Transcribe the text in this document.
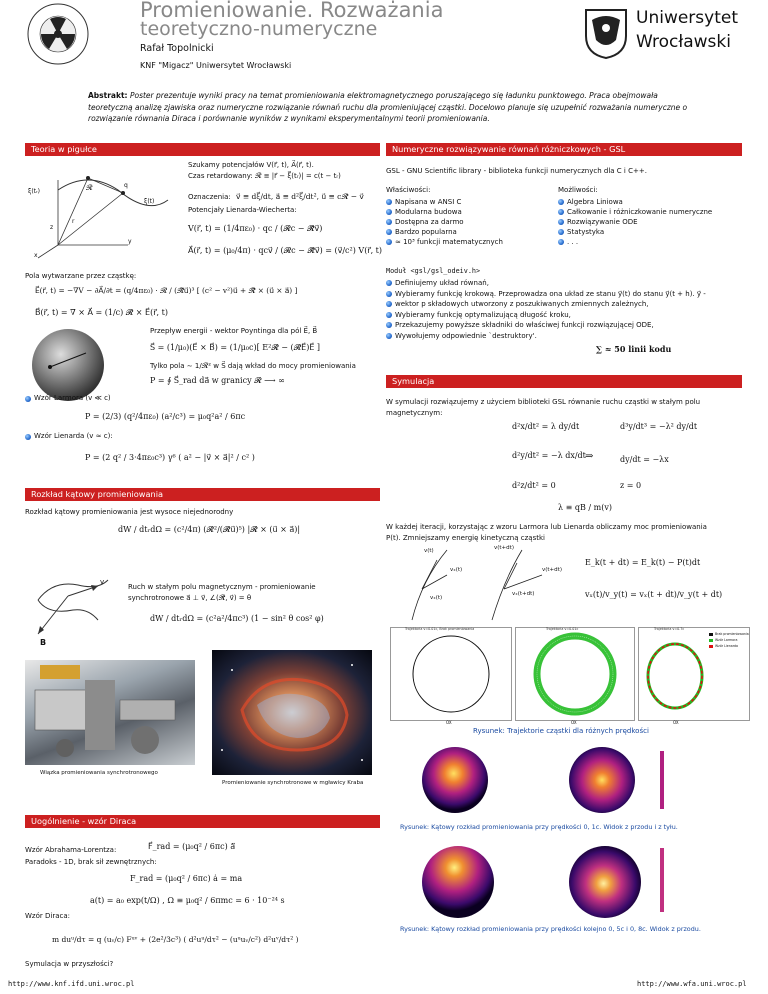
Promieniowanie. Rozważania
teoretyczno-numeryczne
Rafał Topolnicki
KNF "Migacz" Uniwersytet Wrocławski
Uniwersytet
Wrocławski
Abstrakt: Poster prezentuje wyniki pracy na temat promieniowania elektromagnetycznego poruszającego się ładunku punktowego. Praca obejmowała teoretyczną analizę zjawiska oraz numeryczne rozwiązanie równań ruchu dla promieniującej cząstki. Docelowo planuje się uzupełnić rozważania numeryczne o rozwiązanie równania Diraca i porównanie wyników z wynikami eksperymentalnymi teorii promieniowania.
Teoria w pigułce
ξ(tᵣ)	𝓡	q
ξ(t)
z
x
y
r
Szukamy potencjałów V(r⃗, t), A⃗(r⃗, t).
Czas retardowany: 𝓡 ≡ |r⃗ − ξ⃗(tᵣ)| = c(t − tᵣ)
Oznaczenia: v⃗ ≡ dξ⃗/dt, a⃗ ≡ d²ξ⃗/dt², u⃗ ≡ c𝓡̂ − v⃗
Potencjały Lienarda-Wiecherta:
V(r⃗, t) = (1/4πε₀) · qc / (𝓡c − 𝓡⃗v⃗)
A⃗(r⃗, t) = (μ₀/4π) · qcv⃗ / (𝓡c − 𝓡⃗v⃗) = (v⃗/c²) V(r⃗, t)
Pola wytwarzane przez cząstkę:
E⃗(r⃗, t) = −∇V − ∂A⃗/∂t = (q/4πε₀) · 𝓡 / (𝓡⃗u⃗)³ [ (c² − v²)u⃗ + 𝓡⃗ × (u⃗ × a⃗) ]
B⃗(r⃗, t) = ∇ × A⃗ = (1/c) 𝓡̂ × E⃗(r⃗, t)
Przepływ energii - wektor Poyntinga dla pól E⃗, B⃗
S⃗ = (1/μ₀)(E⃗ × B⃗) = (1/μ₀c)[ E²𝓡̂ − (𝓡̂E⃗)E⃗ ]
Tylko pola ∼ 1/𝓡² w S⃗ dają wkład do mocy promieniowania
P = ∮ S⃗_rad da⃗ w granicy 𝓡 ⟶ ∞
Wzór Larmora (v ≪ c)
P = (2/3) (q²/4πε₀) (a²/c³) = μ₀q²a² / 6πc
Wzór Lienarda (v ≈ c):
P = (2 q² / 3·4πε₀c³) γ⁶ ( a² − |v⃗ × a⃗|² / c² )
Rozkład kątowy promieniowania
Rozkład kątowy promieniowania jest wysoce niejednorodny
dW / dtᵣdΩ = (c²/4π) (𝓡̂²/(𝓡̂u⃗)⁵) |𝓡̂ × (u⃗ × a⃗)|
B
v
Ruch w stałym polu magnetycznym - promieniowanie
synchrotronowe a⃗ ⊥ v⃗, ∠(𝓡⃗, v⃗) = θ
dW / dtᵣdΩ = (c²a²/4πc³) (1 − sin² θ cos² φ)
Wiązka promieniowania synchrotronowego
Promieniowanie synchrotronowe w mgławicy Kraba
Uogólnienie - wzór Diraca
Wzór Abrahama-Lorentza:	F⃗_rad = (μ₀q² / 6πc) ȧ⃗
Paradoks - 1D, brak sił zewnętrznych:
F_rad = (μ₀q² / 6πc) ȧ = ma
a(t) = a₀ exp(t/Ω) , Ω ≡ μ₀q² / 6πmc = 6 · 10⁻²⁴ s
Wzór Diraca:
m duᵘ/dτ = q (uᵥ/c) Fᵘᵛ + (2e²/3c³) ( d²uᵘ/dτ² − (uᵘuᵥ/c²) d²uᵛ/dτ² )
Symulacja w przyszłości?
Numeryczne rozwiązywanie równań różniczkowych - GSL
GSL - GNU Scientific library - biblioteka funkcji numerycznych dla C i C++.
Właściwości:
Napisana w ANSI C
Modularna budowa
Dostępna za darmo
Bardzo popularna
≈ 10³ funkcji matematycznych
Możliwości:
Algebra Liniowa
Całkowanie i różniczkowanie numeryczne
Rozwiązywanie ODE
Statystyka
. . .
Moduł <gsl/gsl_odeiv.h>
Definiujemy układ równań,
Wybieramy funkcję krokową. Przeprowadza ona układ ze stanu y⃗(t) do stanu y⃗(t + h). y⃗ -
wektor p składowych utworzony z poszukiwanych zmiennych zależnych,
Wybieramy funkcję optymalizującą długość kroku,
Przekazujemy powyższe składniki do właściwej funkcji rozwiązującej ODE,
Wywołujemy odpowiednie `destruktory'.
∑ ≈ 50 linii kodu
Symulacja
W symulacji rozwiązujemy z użyciem biblioteki GSL równanie ruchu cząstki w stałym polu
magnetycznym:
d²x/dt² = λ dy/dt
d²y/dt² = −λ dx/dt
d²z/dt² = 0
⇒
d³y/dt³ = −λ² dy/dt
dy/dt = −λx
z = 0
λ ≡ qB / m(v)
W każdej iteracji, korzystając z wzoru Larmora lub Lienarda obliczamy moc promieniowania
P(t). Zmniejszamy energię kinetyczną cząstki
v(t)	v(t+dt)
vₓ(t)	v(t+dt)
vₓ(t+dt)
vₓ(t)
E_k(t + dt) = E_k(t) − P(t)dt
vₓ(t)/v_y(t) = vₓ(t + dt)/v_y(t + dt)
Trajektoria v=0.01c, Brak promieniowania
OX
Trajektoria v=0.01c
OX
Trajektoria v=0.7c
Brak promieniowania
Wzór Larmora
Wzór Lienarda
OX
Rysunek: Trajektorie cząstki dla różnych prędkości
Rysunek: Kątowy rozkład promieniowania przy prędkości 0, 1c. Widok z przodu i z tyłu.
Rysunek: Kątowy rozkład promieniowania przy prędkości kolejno 0, 5c i 0, 8c. Widok z przodu.
http://www.knf.ifd.uni.wroc.pl	http://www.wfa.uni.wroc.pl
